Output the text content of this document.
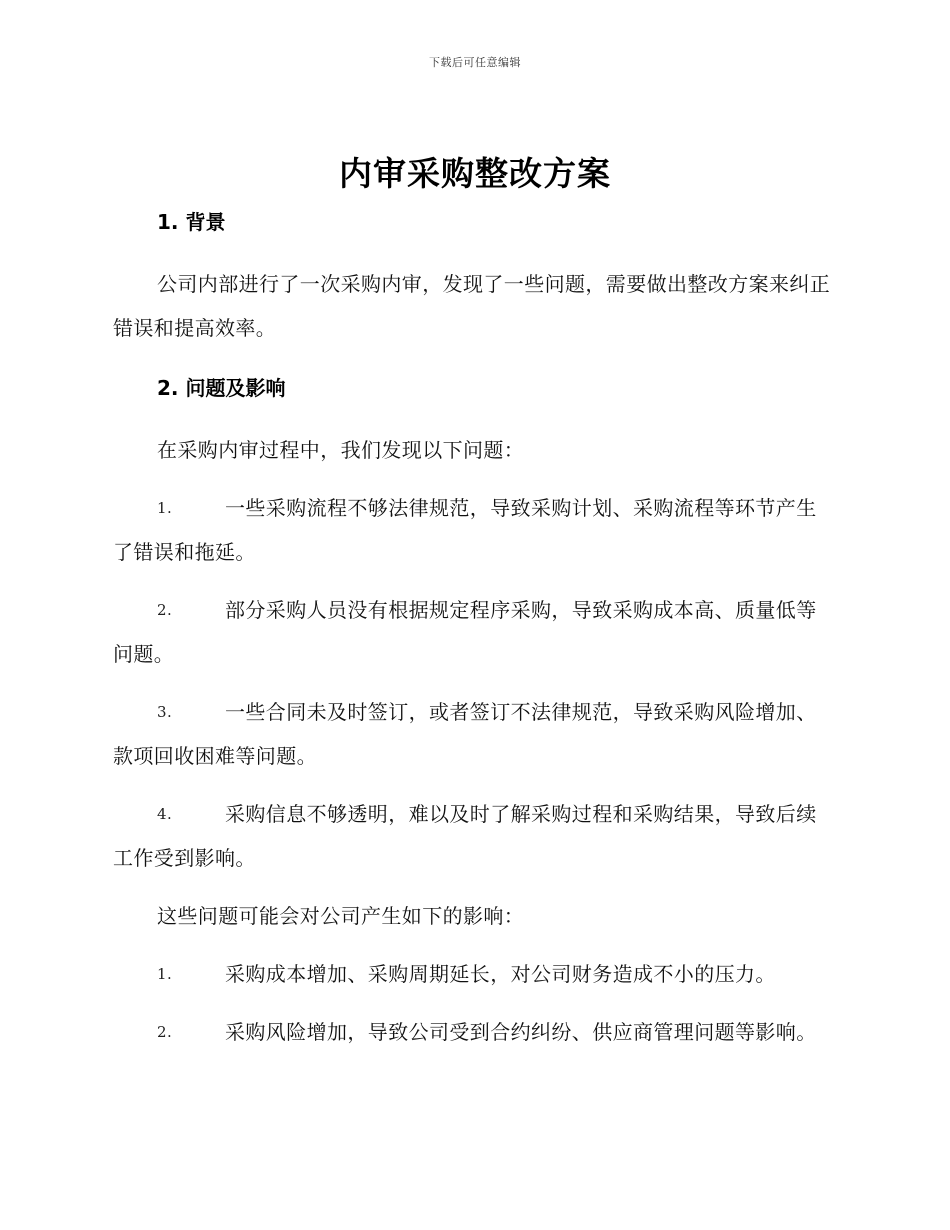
下载后可任意编辑
内审采购整改方案
1. 背景
公司内部进行了一次采购内审，发现了一些问题，需要做出整改方案来纠正错误和提高效率。
2. 问题及影响
在采购内审过程中，我们发现以下问题：
1.	一些采购流程不够法律规范，导致采购计划、采购流程等环节产生了错误和拖延。
2.	部分采购人员没有根据规定程序采购，导致采购成本高、质量低等问题。
3.	一些合同未及时签订，或者签订不法律规范，导致采购风险增加、款项回收困难等问题。
4.	采购信息不够透明，难以及时了解采购过程和采购结果，导致后续工作受到影响。
这些问题可能会对公司产生如下的影响：
1.	采购成本增加、采购周期延长，对公司财务造成不小的压力。
2.	采购风险增加，导致公司受到合约纠纷、供应商管理问题等影响。
